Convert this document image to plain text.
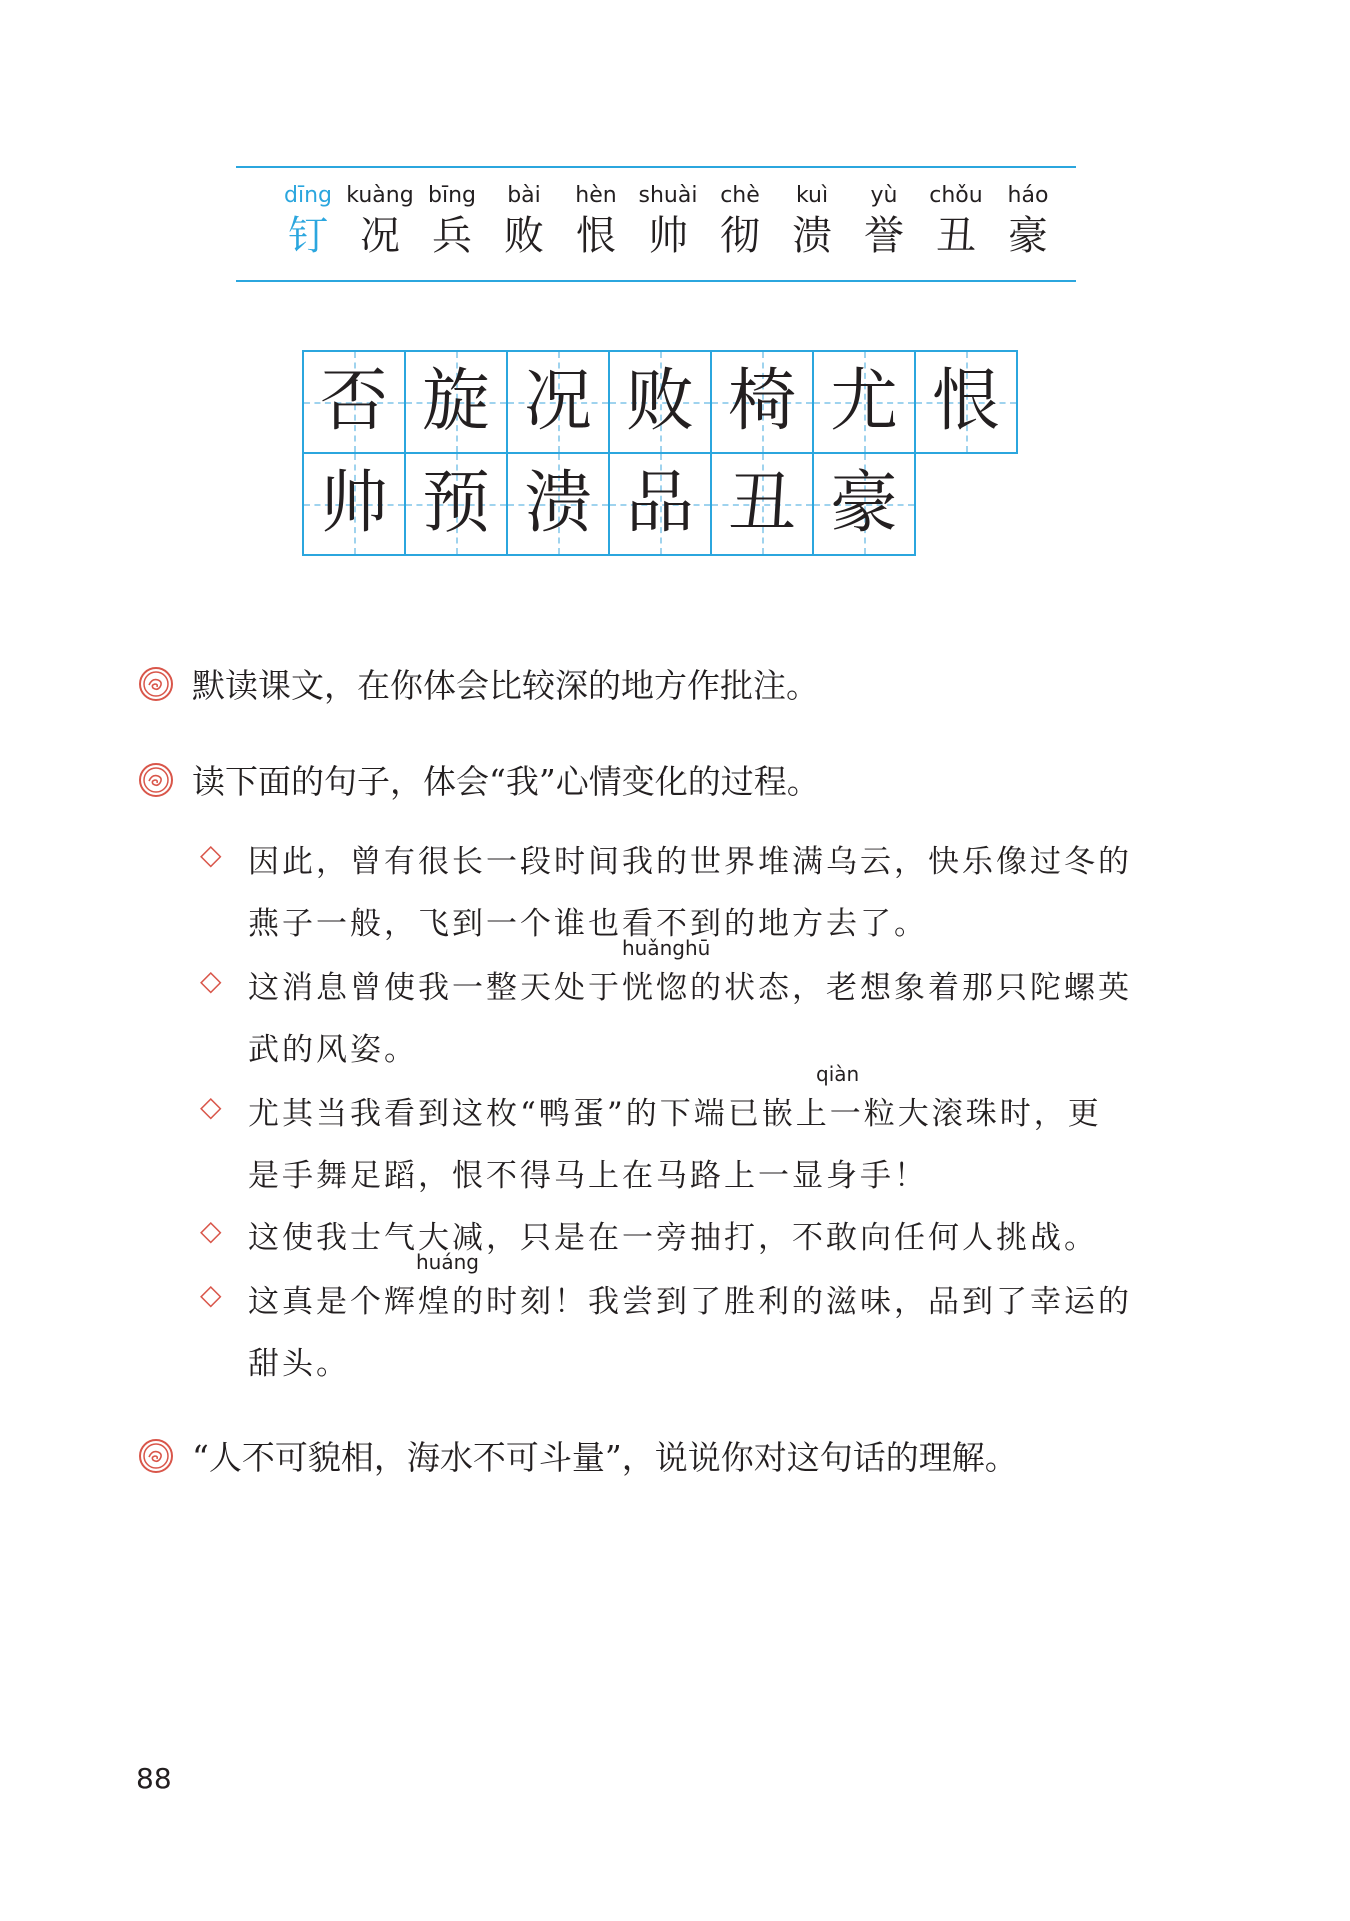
dīng
钉
kuàng
况
bīng
兵
bài
败
hèn
恨
shuài
帅
chè
彻
kuì
溃
yù
誉
chǒu
丑
háo
豪
否 旋 况 败 椅 尤 恨
帅 预 溃 品 丑 豪
默读课文，在你体会比较深的地方作批注。
读下面的句子，体会“我”心情变化的过程。
◇ 因此，曾有很长一段时间我的世界堆满乌云，快乐像过冬的
燕子一般，飞到一个谁也看不到的地方去了。
huǎnghū
◇ 这消息曾使我一整天处于恍惚的状态，老想象着那只陀螺英
武的风姿。
qiàn
◇ 尤其当我看到这枚“鸭蛋”的下端已嵌上一粒大滚珠时，更
是手舞足蹈，恨不得马上在马路上一显身手！
◇ 这使我士气大减，只是在一旁抽打，不敢向任何人挑战。
huáng
◇ 这真是个辉煌的时刻！我尝到了胜利的滋味，品到了幸运的
甜头。
“人不可貌相，海水不可斗量”，说说你对这句话的理解。
88
